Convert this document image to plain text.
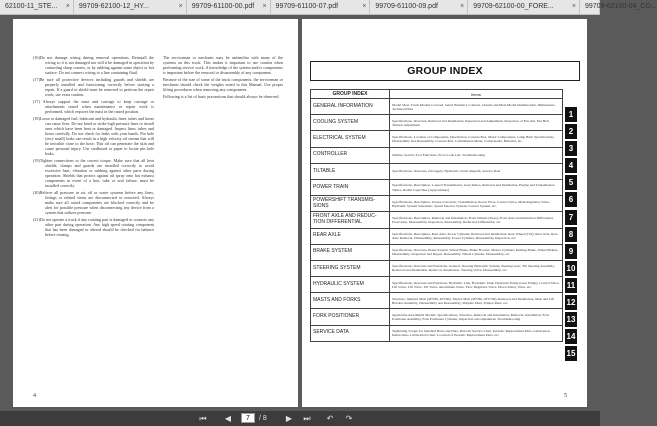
62100-11_STE... ×	99709-62100-12_HY...	×	99709-61100-00.pdf ×	99709-61100-07.pdf	×	99709-61100-09.pdf	×	99709-62100-00_FORE...	×	99709-62100-04_CO...

(16)Do not damage wiring during removal operations. Reinstall the wiring so it is not damaged nor will it be damaged in operation by contacting sharp corners, or by rubbing against some object or hot surface. Do not connect wiring to a line containing fluid.

(17)Be sure all protective devices including guards and shields are properly installed and functioning correctly before starting a repair. If a guard or shield must be removed to perform the repair work, use extra caution.

(17) Always support the mast and carriage to keep carriage or attachments raised when maintenance or repair work is performed, which requires the mast in the raised position.

(18)Loose or damaged fuel, lubricant and hydraulic lines, tubes and hoses can cause fires. Do not bend or strike high pressure lines or install ones which have been bent or damaged. Inspect lines, tubes and hoses carefully. Do not check for leaks with your hands. Pin hole (very small) leaks can result in a high velocity oil stream that will be invisible close to the hose. This oil can penetrate the skin and cause personal injury. Use cardboard or paper to locate pin hole leaks.

(19)Tighten connections to the correct torque. Make sure that all heat shields, clamps and guards are installed correctly to avoid excessive heat, vibration or rubbing against other parts during operation. Shields that protect against oil spray onto hot exhaust components in event of a line, tube or seal failure, must be installed correctly.

(20)Relieve all pressure in air, oil or water systems before any lines, fittings or related items are disconnected or removed. Always make sure all raised components are blocked correctly and be alert for possible pressure when disconnecting any device from a system that utilizes pressure.

(21)Do not operate a truck if any rotating part is damaged or contacts any other part during operation. Any high speed rotating component that has been damaged or altered should be checked for balance before reusing.

The serviceman or mechanic may be unfamiliar with many of the systems on this truck. This makes it important to use caution when performing service work. A knowledge of the system and/or components is important before the removal or disassembly of any component.

Because of the size of some of the truck components, the serviceman or mechanic should check the weights noted in this Manual. Use proper lifting procedures when removing any components.

Following is a list of basic precautions that should always be observed.

4
GROUP INDEX
GROUP INDEX	Items
GENERAL INFORMATION	Model View, Truck Models Covered, Serial Number Locations, Chassis and Mast Model Identification, Dimensions, Technical Data
COOLING SYSTEM	Specifications, Structure, Removal and Installation, Inspection and Adjustment, Inspection of Fan belt, Fan Belt Tension Adjustment
ELECTRICAL SYSTEM	Specifications, Location of Components, Description, Console Box, Major Components, Lamp Bulb Specifications, Disassembly and Reassembly, Console Box, Combination Meter, Components, Batteries, etc.
CONTROLLER	Outline, Service Tool Functions, Error Code List, Troubleshooting
TILTABLE	Specifications, Structure, Oil supply, Hydraulic circuit diagram, Service Data
POWER TRAIN	Specifications, Description, 2-speed Transmission, Gear Ratios, Removal and Installation, Engine and Transmission Tables, Radial Capacities (Approximate)
POWERSHIFT TRANSMIS-SIONS	Specifications, Description, Torque Converter, Transmission, Power Flow, Control Valve, Main Regulator Valve, Hydraulic System Schematic, Speed Selector System, Control System, etc.
FRONT AXLE AND REDUC-TION DIFFERENTIAL	Specifications, Description, Removal and Installation, Front Wheels (Tires), Front Axle and Reduction Differential, Front Axle, Disassembly, Inspection, Reassembly, Reduction Differential, etc.
REAR AXLE	Specifications, Description, Rear Axle, Power Cylinder, Removal and Installation, Rear Wheel (Tire), Rear Axle, Rear Axle Removal, Disassembly, Reassembly, Power Cylinder, Disassembly, Inspection, etc.
BRAKE SYSTEM	Specifications, Structure, Brake System, Wheel Brake, Brake Booster, Master Cylinder, Parking Brake, Wheel Brakes, Disassembly, Inspection and Repair, Reassembly, Wheel Cylinder, Disassembly, etc.
STEERING SYSTEM	Specifications, Structure and Functions, General, Steering Hydraulic System, Steering Gear, Tilt Steering Assembly, Removal and Installation, Removal, Installation, Steering Valve, Disassembly, etc.
HYDRAULIC SYSTEM	Specifications, Structure and Functions, Hydraulic Line, Hydraulic Tank, Hydraulic Pump (Gear Pump), Control Valve, Lift Valve, Lift Valve, Tilt Valve, Attachment Valve, Flow Regulator Valve, Down Safety Valve, etc.
MASTS AND FORKS	Structure, Simplex Mast (4FV80, 4FV90), Triplex Mast (4FV80, 4FV100), Removal and Installation, Mast and Lift Bracket Assembly, Disassembly and Reassembly, Simplex Mast, Triplex Mast, etc.
FORK POSITIONER	Applicable Attachment Models, Specifications, Structure, Removal and Installation, Removal, Installation, Fork Positioner Assembly, Fork Positioner Cylinder, Inspection and adjustment, Troubleshooting
SERVICE DATA	Tightening Torque for Standard Bolts and Nuts, Periodic Service Chart, Periodic Replacement Parts, Lubrication Instructions, Lubrication Chart, Location of Periodic Replacement Parts, etc.
1
2
3
4
5
6
7
8
9
10
11
12
13
14
15
5
⏮	◀	7	/ 8	▶	⏭	↶	↷
